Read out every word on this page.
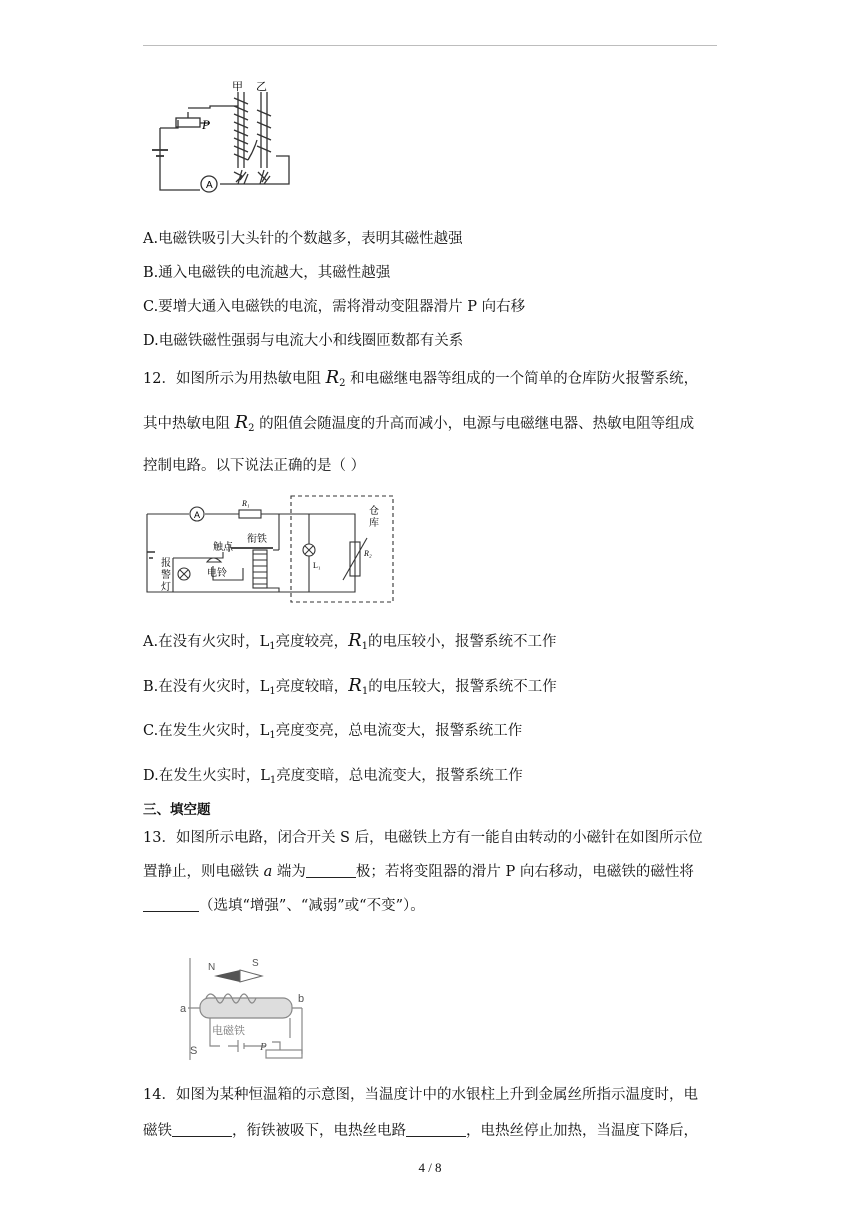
A
P
甲 乙
A.电磁铁吸引大头针的个数越多，表明其磁性越强
B.通入电磁铁的电流越大，其磁性越强
C.要增大通入电磁铁的电流，需将滑动变阻器滑片 P 向右移
D.电磁铁磁性强弱与电流大小和线圈匝数都有关系
12．如图所示为用热敏电阻 $R_2$ 和电磁继电器等组成的一个简单的仓库防火报警系统，
其中热敏电阻 $R_2$ 的阻值会随温度的升高而减小，电源与电磁继电器、热敏电阻等组成
控制电路。以下说法正确的是（ ）
A
R₁
衔铁
触点
电铃
报
警
灯
L₁
仓
库
R₂
A.在没有火灾时，$L_1$亮度较亮，$R_1$的电压较小，报警系统不工作
B.在没有火灾时，$L_1$亮度较暗，$R_1$的电压较大，报警系统不工作
C.在发生火灾时，$L_1$亮度变亮，总电流变大，报警系统工作
D.在发生火实时，$L_1$亮度变暗，总电流变大，报警系统工作
三、填空题
13．如图所示电路，闭合开关 S 后，电磁铁上方有一能自由转动的小磁针在如图所示位
置静止，则电磁铁 a 端为	极；若将变阻器的滑片 P 向右移动，电磁铁的磁性将
（选填“增强”、“减弱”或“不变”）。
N	S
a
b
电磁铁
S	P
14．如图为某种恒温箱的示意图，当温度计中的水银柱上升到金属丝所指示温度时，电
磁铁	，衔铁被吸下，电热丝电路	，电热丝停止加热，当温度下降后，
4 / 8
